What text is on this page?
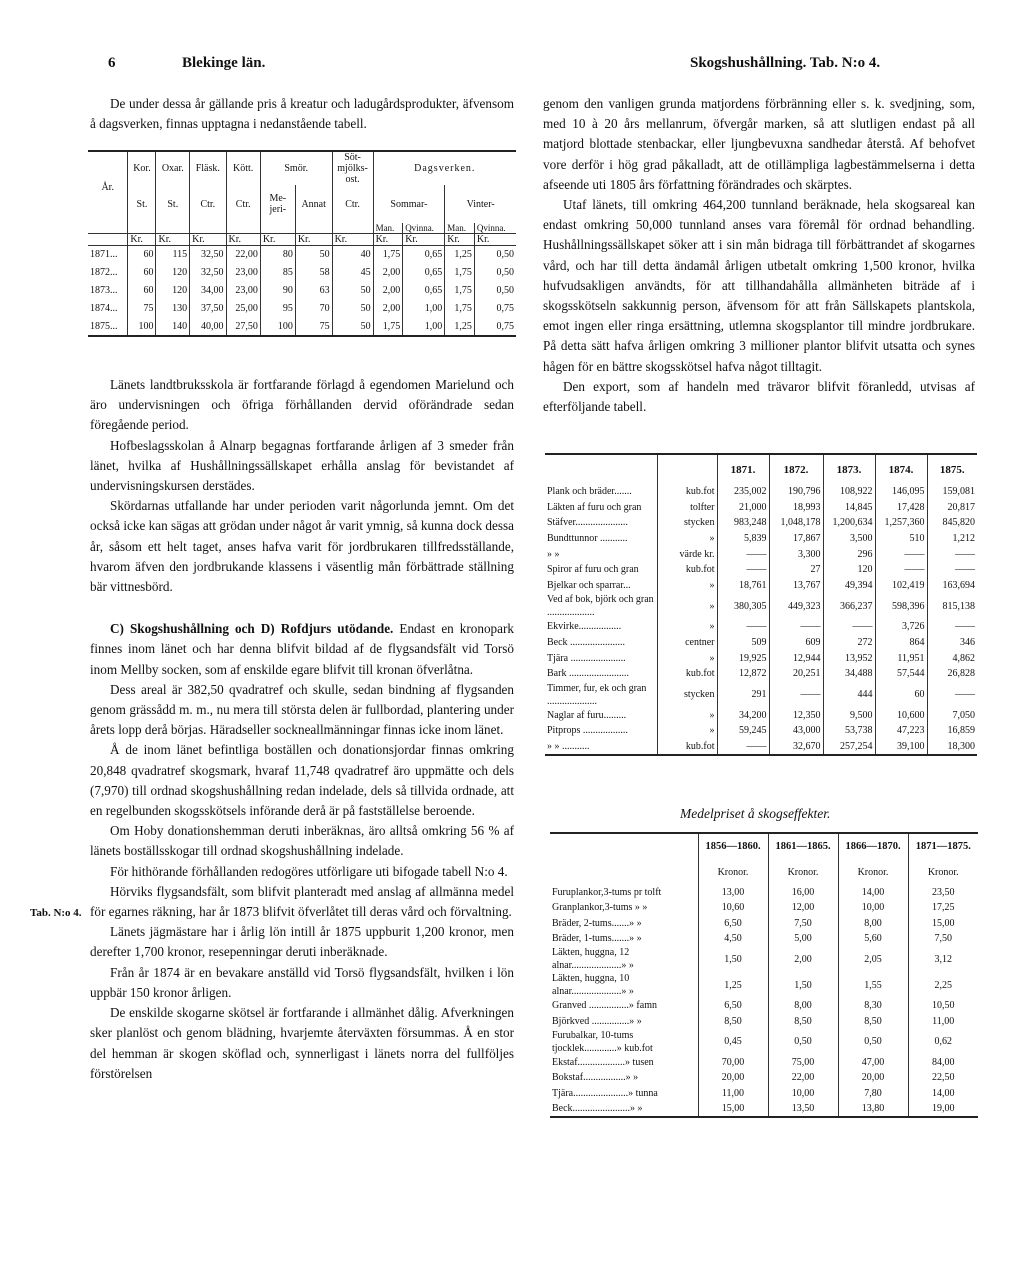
6	Blekinge län.	Skogshushållning. Tab. N:o 4.

De under dessa år gällande pris å kreatur och ladugårdsprodukter, äfvensom å dagsverken, finnas upptagna i nedanstående tabell.

År.	Kor.	Oxar.	Fläsk.	Kött.	Smör.		Söt-mjölks-ost.	Dagsverken.			
	St.	St.	Ctr.	Ctr.	Me-jeri-	Annat	Ctr.	Sommar-		Vinter-	
								Man.	Qvinna.	Man.	Qvinna.
	Kr.	Kr.	Kr.	Kr.	Kr.	Kr.	Kr.	Kr.	Kr.	Kr.	Kr.
1871...	60	115	32,50	22,00	80	50	40	1,75	0,65	1,25	0,50
1872...	60	120	32,50	23,00	85	58	45	2,00	0,65	1,75	0,50
1873...	60	120	34,00	23,00	90	63	50	2,00	0,65	1,75	0,50
1874...	75	130	37,50	25,00	95	70	50	2,00	1,00	1,75	0,75
1875...	100	140	40,00	27,50	100	75	50	1,75	1,00	1,25	0,75

Länets landtbruksskola är fortfarande förlagd å egendomen Marielund och äro undervisningen och öfriga förhållanden dervid oförändrade sedan föregående period.

Hofbeslagsskolan å Alnarp begagnas fortfarande årligen af 3 smeder från länet, hvilka af Hushållningssällskapet erhålla anslag för bevistandet af undervisningskursen derstädes.

Skördarnas utfallande har under perioden varit någorlunda jemnt. Om det också icke kan sägas att grödan under något år varit ymnig, så kunna dock dessa år, såsom ett helt taget, anses hafva varit för jordbrukaren tillfredsställande, hvarom äfven den jordbrukande klassens i väsentlig mån förbättrade ställning bär vittnesbörd.

C) Skogshushållning och D) Rofdjurs utödande. Endast en kronopark finnes inom länet och har denna blifvit bildad af de flygsandsfält vid Torsö inom Mellby socken, som af enskilde egare blifvit till kronan öfverlåtna.

Dess areal är 382,50 qvadratref och skulle, sedan bindning af flygsanden genom grässådd m. m., nu mera till största delen är fullbordad, plantering under årets lopp derå börjas. Häradseller sockneallmänningar finnas icke inom länet.

Å de inom länet befintliga boställen och donationsjordar finnas omkring 20,848 qvadratref skogsmark, hvaraf 11,748 qvadratref äro uppmätte och dels (7,970) till ordnad skogshushållning redan indelade, dels så tillvida ordnade, att en regelbunden skogsskötsels införande derå är på fastställelse beroende.

Om Hoby donationshemman deruti inberäknas, äro alltså omkring 56 % af länets boställsskogar till ordnad skogshushållning indelade.

För hithörande förhållanden redogöres utförligare uti bifogade tabell N:o 4.

Hörviks flygsandsfält, som blifvit planteradt med anslag af allmänna medel för egarnes räkning, har år 1873 blifvit öfverlåtet till deras vård och förvaltning.

Länets jägmästare har i årlig lön intill år 1875 uppburit 1,200 kronor, men derefter 1,700 kronor, resepenningar deruti inberäknade.

Från år 1874 är en bevakare anställd vid Torsö flygsandsfält, hvilken i lön uppbär 150 kronor årligen.

De enskilde skogarne skötsel är fortfarande i allmänhet dålig. Afverkningen sker planlöst och genom blädning, hvarjemte återväxten försummas. Å en stor del hemman är skogen sköflad och, synnerligast i länets norra del fullföljes förstörelsen

Tab. N:o 4.

genom den vanligen grunda matjordens förbränning eller s. k. svedjning, som, med 10 à 20 års mellanrum, öfvergår marken, så att slutligen endast på all matjord blottade stenbackar, eller ljungbevuxna sandhedar återstå. Af behofvet vore derför i hög grad påkalladt, att de otillämpliga lagbestämmelserna i detta afseende uti 1805 års författning förändrades och skärptes.

Utaf länets, till omkring 464,200 tunnland beräknade, hela skogsareal kan endast omkring 50,000 tunnland anses vara föremål för ordnad behandling. Hushållningssällskapet söker att i sin mån bidraga till förbättrandet af skogarnes vård, och har till detta ändamål årligen utbetalt omkring 1,500 kronor, hvilka hufvudsakligen användts, för att tillhandahålla allmänheten biträde af i skogsskötseln sakkunnig person, äfvensom för att från Sällskapets plantskola, emot ingen eller ringa ersättning, utlemna skogsplantor till mindre jordbrukare. På detta sätt hafva årligen omkring 3 millioner plantor blifvit utsatta och synes hågen för en bättre skogsskötsel hafva något tilltagit.

Den export, som af handeln med trävaror blifvit föranledd, utvisas af efterföljande tabell.

		1871.	1872.	1873.	1874.	1875.
Plank och bräder.......	kub.fot	235,002	190,796	108,922	146,095	159,081
Läkten af furu och gran	tolfter	21,000	18,993	14,845	17,428	20,817
Stäfver.....................	stycken	983,248	1,048,178	1,200,634	1,257,360	845,820
Bundttunnor ...........	»	5,839	17,867	3,500	510	1,212
» »	värde kr.	——	3,300	296	——	——
Spiror af furu och gran	kub.fot	——	27	120	——	——
Bjelkar och sparrar...	»	18,761	13,767	49,394	102,419	163,694
Ved af bok, björk och gran ...................	»	380,305	449,323	366,237	598,396	815,138
Ekvirke.................	»	——	——	——	3,726	——
Beck ......................	centner	509	609	272	864	346
Tjära ......................	»	19,925	12,944	13,952	11,951	4,862
Bark ........................	kub.fot	12,872	20,251	34,488	57,544	26,828
Timmer, fur, ek och gran ....................	stycken	291	——	444	60	——
Naglar af furu.........	»	34,200	12,350	9,500	10,600	7,050
Pitprops ..................	»	59,245	43,000	53,738	47,223	16,859
» » ...........	kub.fot	——	32,670	257,254	39,100	18,300
Medelpriset å skogseffekter.
	1856—1860.	1861—1865.	1866—1870.	1871—1875.
	Kronor.	Kronor.	Kronor.	Kronor.
Furuplankor,3-tums pr tolft	13,00	16,00	14,00	23,50
Granplankor,3-tums » »	10,60	12,00	10,00	17,25
Bräder, 2-tums.......» »	6,50	7,50	8,00	15,00
Bräder, 1-tums.......» »	4,50	5,00	5,60	7,50
Läkten, huggna, 12 alnar....................» »	1,50	2,00	2,05	3,12
Läkten, huggna, 10 alnar....................» »	1,25	1,50	1,55	2,25
Granved ................» famn	6,50	8,00	8,30	10,50
Björkved ...............» »	8,50	8,50	8,50	11,00
Furubalkar, 10-tums tjocklek.............» kub.fot	0,45	0,50	0,50	0,62
Ekstaf...................» tusen	70,00	75,00	47,00	84,00
Bokstaf.................» »	20,00	22,00	20,00	22,50
Tjära......................» tunna	11,00	10,00	7,80	14,00
Beck.......................» »	15,00	13,50	13,80	19,00
